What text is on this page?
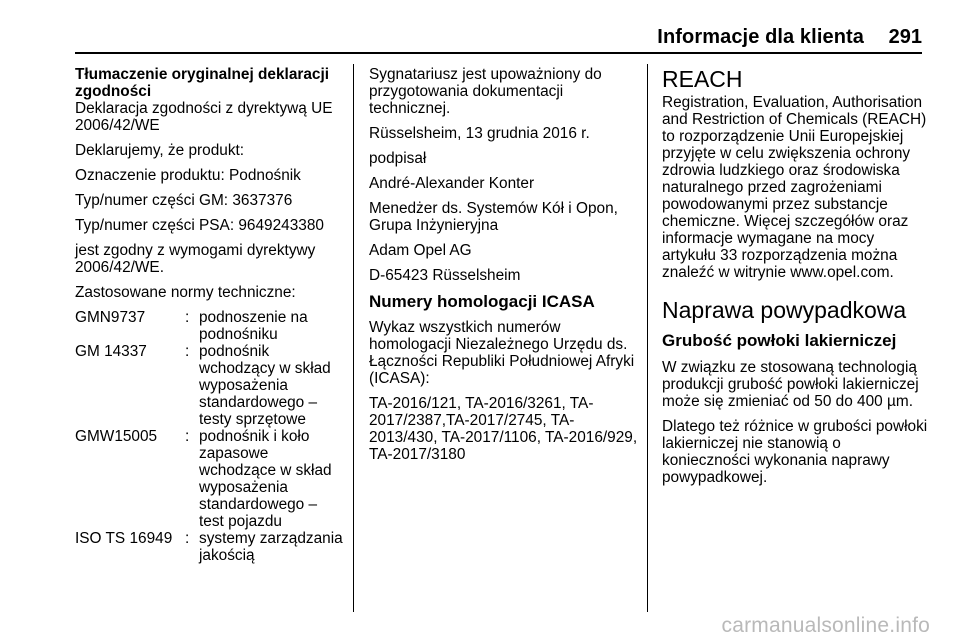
Informacje dla klienta 291
Tłumaczenie oryginalnej deklaracji zgodności
Deklaracja zgodności z dyrektywą UE 2006/42/WE
Deklarujemy, że produkt:
Oznaczenie produktu: Podnośnik
Typ/numer części GM: 3637376
Typ/numer części PSA: 9649243380
jest zgodny z wymogami dyrektywy 2006/42/WE.
Zastosowane normy techniczne:
GMN9737	:	podnoszenie na podnośniku
GM 14337	:	podnośnik wchodzący w skład wyposażenia standardowego – testy sprzętowe
GMW15005	:	podnośnik i koło zapasowe wchodzące w skład wyposażenia standardowego – test pojazdu
ISO TS 16949	:	systemy zarządzania jakością
Sygnatariusz jest upoważniony do przygotowania dokumentacji technicznej.
Rüsselsheim, 13 grudnia 2016 r.
podpisał
André-Alexander Konter
Menedżer ds. Systemów Kół i Opon, Grupa Inżynieryjna
Adam Opel AG
D-65423 Rüsselsheim
Numery homologacji ICASA
Wykaz wszystkich numerów homologacji Niezależnego Urzędu ds. Łączności Republiki Południowej Afryki (ICASA):
TA-2016/121, TA-2016/3261, TA-2017/2387,TA-2017/2745, TA-2013/430, TA-2017/1106, TA-2016/929, TA-2017/3180
REACH
Registration, Evaluation, Authorisation and Restriction of Chemicals (REACH) to rozporządzenie Unii Europejskiej przyjęte w celu zwiększenia ochrony zdrowia ludzkiego oraz środowiska naturalnego przed zagrożeniami powodowanymi przez substancje chemiczne. Więcej szczegółów oraz informacje wymagane na mocy artykułu 33 rozporządzenia można znaleźć w witrynie www.opel.com.
Naprawa powypadkowa
Grubość powłoki lakierniczej
W związku ze stosowaną technologią produkcji grubość powłoki lakierniczej może się zmieniać od 50 do 400 µm.
Dlatego też różnice w grubości powłoki lakierniczej nie stanowią o konieczności wykonania naprawy powypadkowej.
carmanualsonline.info
